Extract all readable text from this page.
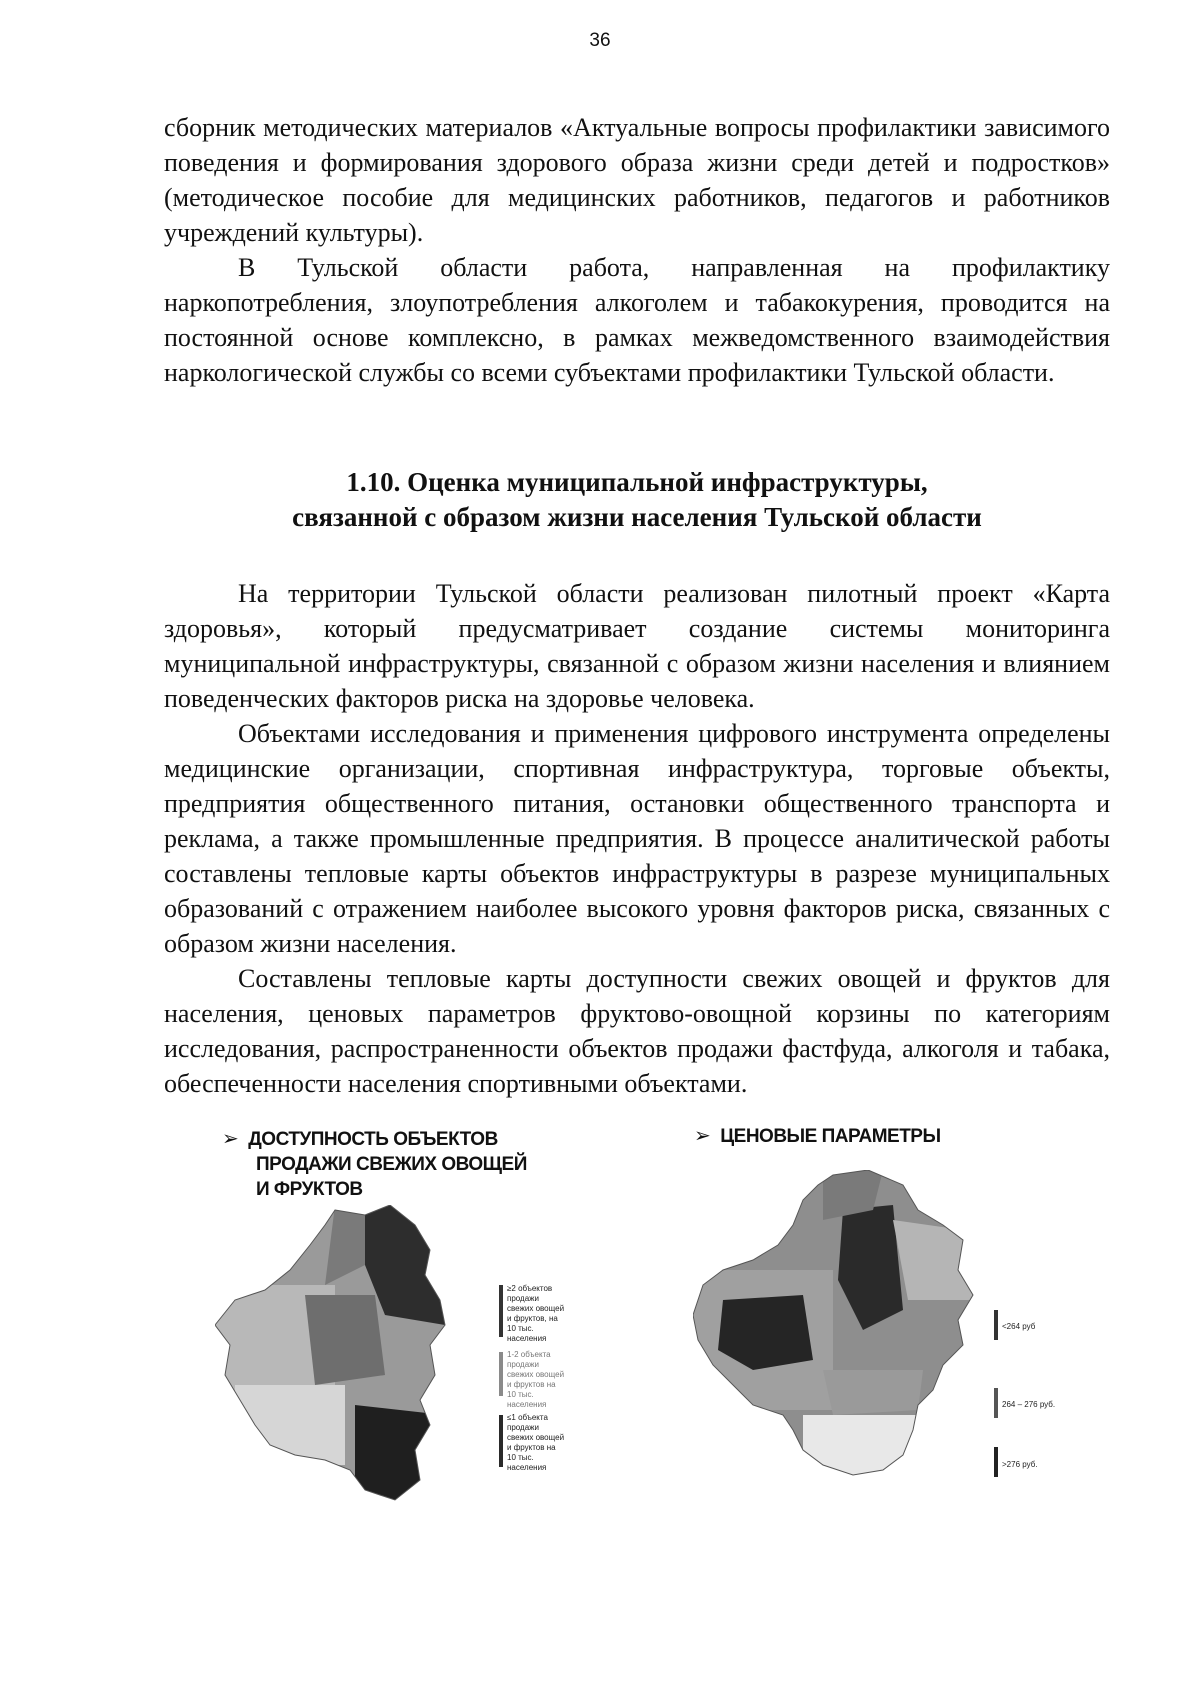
36

сборник методических материалов «Актуальные вопросы профилактики зависимого поведения и формирования здорового образа жизни среди детей и подростков» (методическое пособие для медицинских работников, педагогов и работников учреждений культуры).

В Тульской области работа, направленная на профилактику наркопотребления, злоупотребления алкоголем и табакокурения, проводится на постоянной основе комплексно, в рамках межведомственного взаимодействия наркологической службы со всеми субъектами профилактики Тульской области.

1.10. Оценка муниципальной инфраструктуры,
связанной с образом жизни населения Тульской области

На территории Тульской области реализован пилотный проект «Карта здоровья», который предусматривает создание системы мониторинга муниципальной инфраструктуры, связанной с образом жизни населения и влиянием поведенческих факторов риска на здоровье человека.

Объектами исследования и применения цифрового инструмента определены медицинские организации, спортивная инфраструктура, торговые объекты, предприятия общественного питания, остановки общественного транспорта и реклама, а также промышленные предприятия. В процессе аналитической работы составлены тепловые карты объектов инфраструктуры в разрезе муниципальных образований с отражением наиболее высокого уровня факторов риска, связанных с образом жизни населения.

Составлены тепловые карты доступности свежих овощей и фруктов для населения, ценовых параметров фруктово-овощной корзины по категориям исследования, распространенности объектов продажи фастфуда, алкоголя и табака, обеспеченности населения спортивными объектами.

➢ ДОСТУПНОСТЬ ОБЪЕКТОВ
ПРОДАЖИ СВЕЖИХ ОВОЩЕЙ
И ФРУКТОВ
➢ ЦЕНОВЫЕ ПАРАМЕТРЫ
≥2 объектов продажи свежих овощей и фруктов, на 10 тыс. населения
1-2 объекта продажи свежих овощей и фруктов на 10 тыс. населения
≤1 объекта продажи свежих овощей и фруктов на 10 тыс. населения
<264 руб
264 – 276 руб.
>276 руб.
